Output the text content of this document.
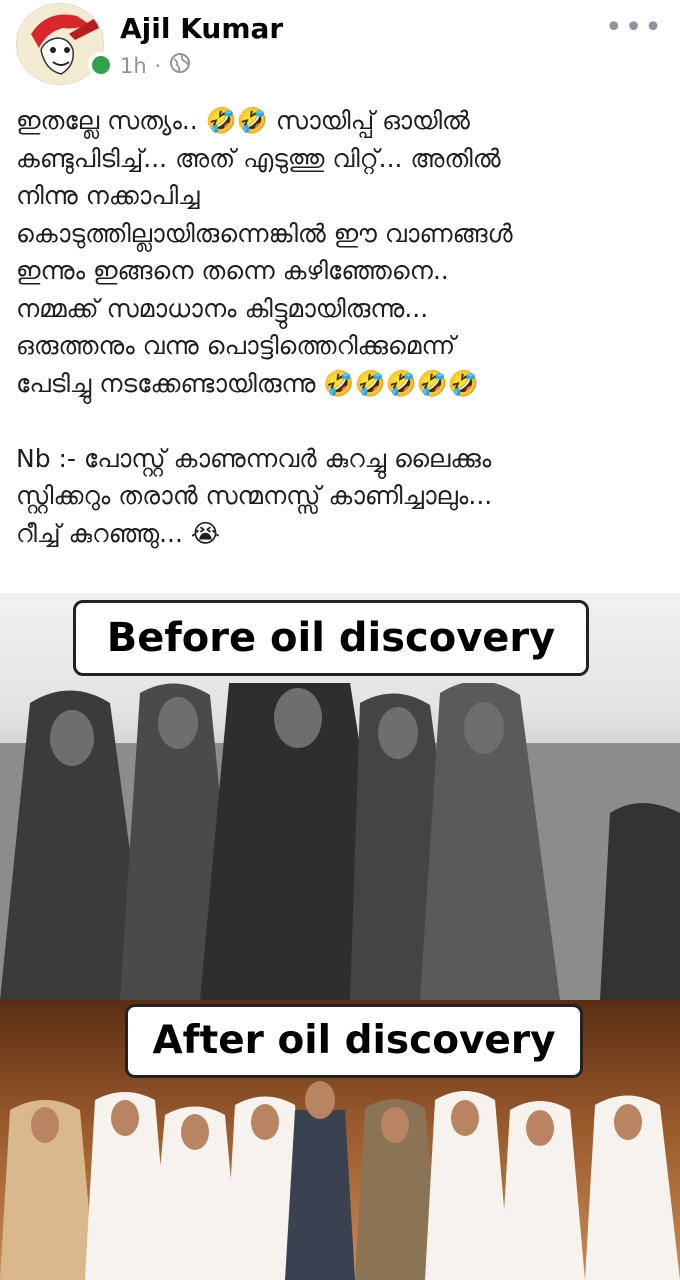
Ajil Kumar
1h ·
•••

ഇതല്ലേ സത്യം.. 🤣🤣 സായിപ്പ് ഓയിൽ

കണ്ടുപിടിച്ച്... അത് എടുത്തു വിറ്റ്... അതിൽ

നിന്നു നക്കാപിച്ച

കൊടുത്തില്ലായിരുന്നെങ്കിൽ ഈ വാണങ്ങൾ

ഇന്നും ഇങ്ങനെ തന്നെ കഴിഞ്ഞേനെ..

നമ്മക്ക് സമാധാനം കിട്ടുമായിരുന്നു...

ഒരുത്തനും വന്നു പൊട്ടിത്തെറിക്കുമെന്ന്

പേടിച്ചു നടക്കേണ്ടായിരുന്നു 🤣🤣🤣🤣🤣

Nb :- പോസ്റ്റ് കാണുന്നവർ കുറച്ചു ലൈക്കും

സ്റ്റിക്കറും തരാൻ സന്മനസ്സ് കാണിച്ചാലും...

റീച്ച് കുറഞ്ഞു... 😭

Before oil discovery
After oil discovery
